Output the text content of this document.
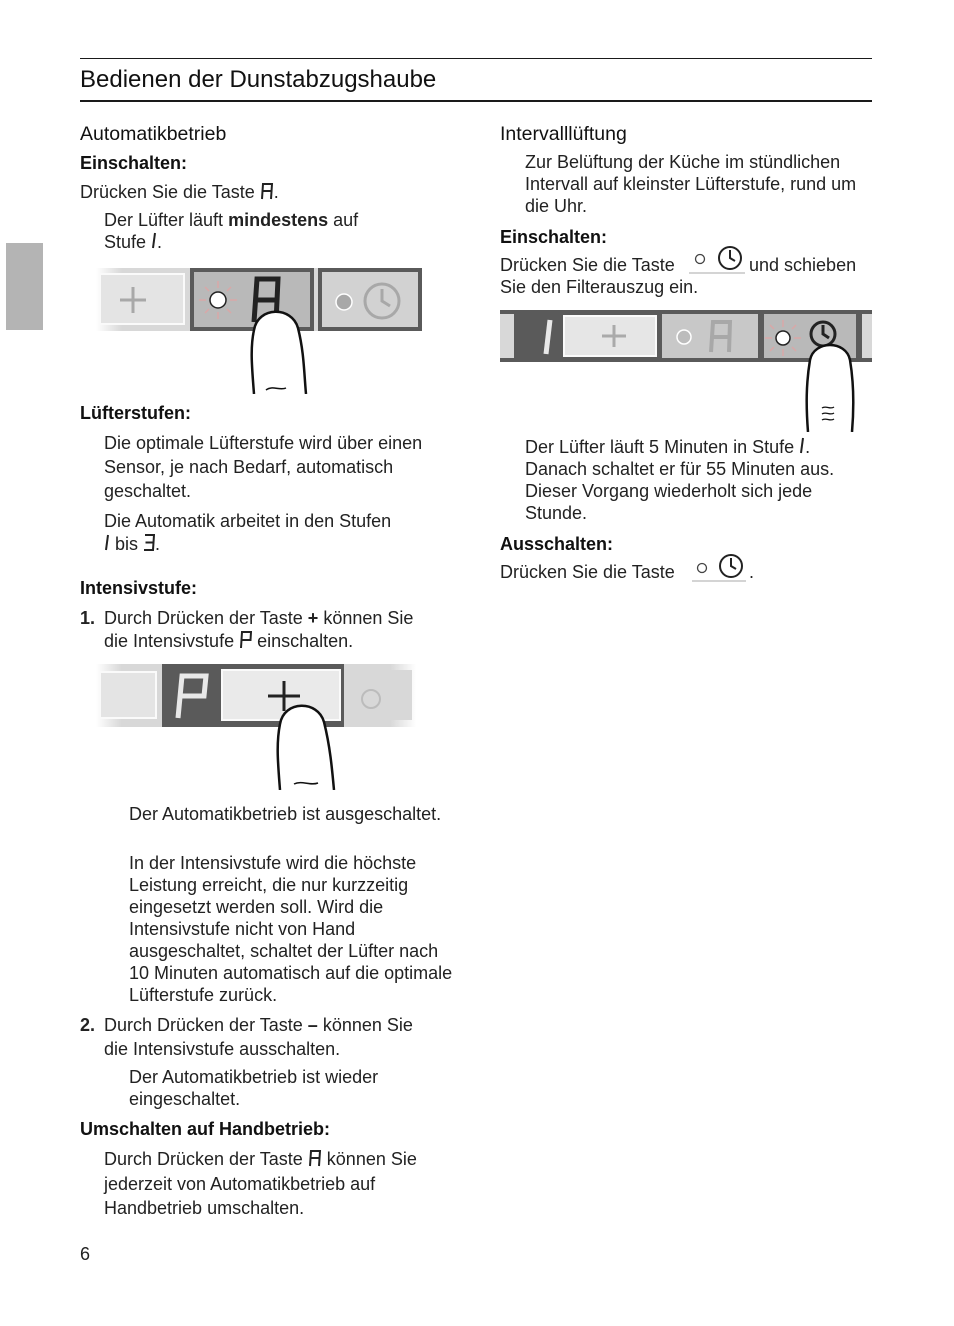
Bedienen der Dunstabzugshaube
Automatikbetrieb
Einschalten:
Drücken Sie die Taste .
Der Lüfter läuft mindestens auf
Stufe .
Lüfterstufen:
Die optimale Lüfterstufe wird über einen Sensor, je nach Bedarf, automatisch geschaltet.
Die Automatik arbeitet in den Stufen
bis .
Intensivstufe:
1. Durch Drücken der Taste + können Sie
die Intensivstufe einschalten.
Der Automatikbetrieb ist ausgeschaltet.
In der Intensivstufe wird die höchste Leistung erreicht, die nur kurzzeitig eingesetzt werden soll. Wird die Intensivstufe nicht von Hand ausgeschaltet, schaltet der Lüfter nach 10 Minuten automatisch auf die optimale Lüfterstufe zurück.
2. Durch Drücken der Taste – können Sie
die Intensivstufe ausschalten.
Der Automatikbetrieb ist wieder eingeschaltet.
Umschalten auf Handbetrieb:
Durch Drücken der Taste können Sie
jederzeit von Automatikbetrieb auf Handbetrieb umschalten.
Intervalllüftung
Zur Belüftung der Küche im stündlichen Intervall auf kleinster Lüfterstufe, rund um die Uhr.
Einschalten:
Drücken Sie die Taste	und schieben
Sie den Filterauszug ein.
Der Lüfter läuft 5 Minuten in Stufe .
Danach schaltet er für 55 Minuten aus. Dieser Vorgang wiederholt sich jede Stunde.
Ausschalten:
Drücken Sie die Taste	.
6
